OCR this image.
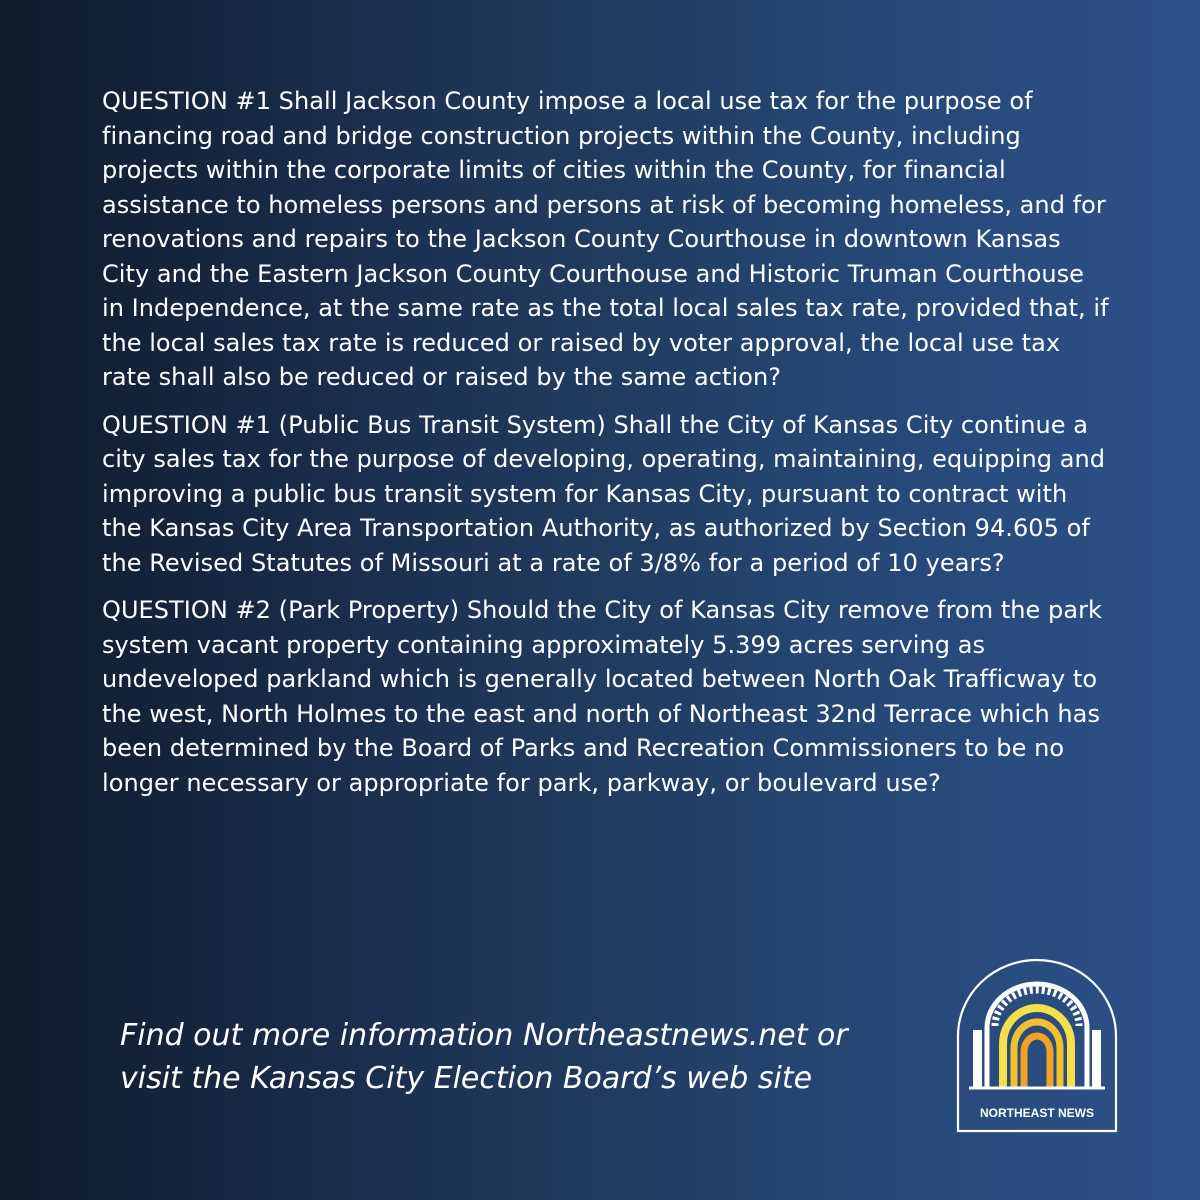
QUESTION #1 Shall Jackson County impose a local use tax for the purpose of financing road and bridge construction projects within the County, including projects within the corporate limits of cities within the County, for financial assistance to homeless persons and persons at risk of becoming homeless, and for renovations and repairs to the Jackson County Courthouse in downtown Kansas City and the Eastern Jackson County Courthouse and Historic Truman Courthouse in Independence, at the same rate as the total local sales tax rate, provided that, if the local sales tax rate is reduced or raised by voter approval, the local use tax rate shall also be reduced or raised by the same action?

QUESTION #1 (Public Bus Transit System) Shall the City of Kansas City continue a city sales tax for the purpose of developing, operating, maintaining, equipping and improving a public bus transit system for Kansas City, pursuant to contract with the Kansas City Area Transportation Authority, as authorized by Section 94.605 of the Revised Statutes of Missouri at a rate of 3/8% for a period of 10 years?

QUESTION #2 (Park Property) Should the City of Kansas City remove from the park system vacant property containing approximately 5.399 acres serving as undeveloped parkland which is generally located between North Oak Trafficway to the west, North Holmes to the east and north of Northeast 32nd Terrace which has been determined by the Board of Parks and Recreation Commissioners to be no longer necessary or appropriate for park, parkway, or boulevard use?

Find out more information Northeastnews.net or
visit the Kansas City Election Board’s web site
NORTHEAST NEWS
